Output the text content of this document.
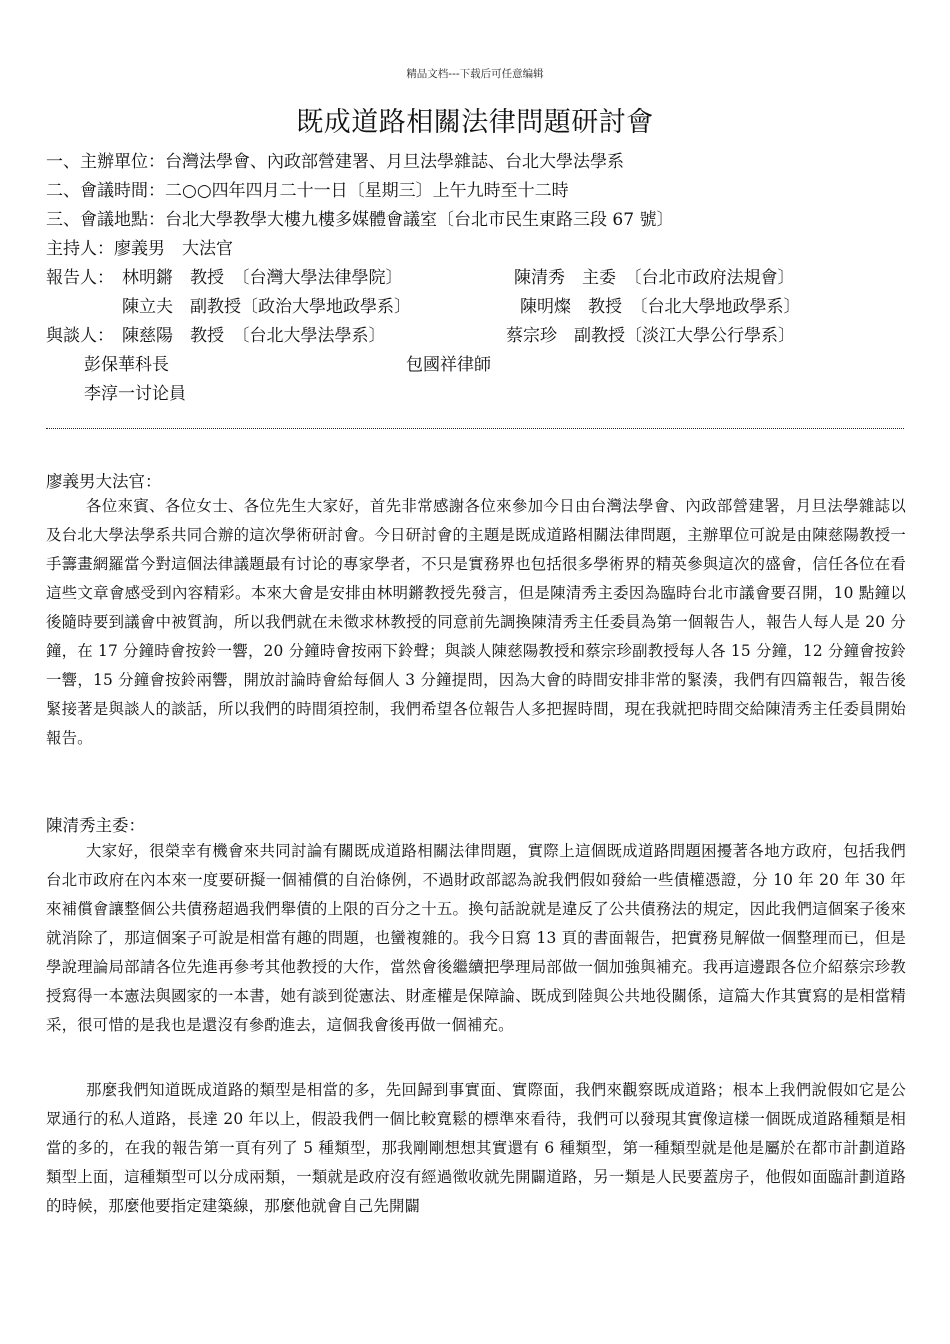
精品文档---下载后可任意编辑
既成道路相關法律問題研討會
一、主辦單位：台灣法學會、內政部營建署、月旦法學雜誌、台北大學法學系
二、會議時間：二○○四年四月二十一日〔星期三〕上午九時至十二時
三、會議地點：台北大學教學大樓九樓多媒體會議室〔台北市民生東路三段 67 號〕
主持人：廖義男　大法官
報告人： 林明鏘　教授　〔台灣大學法律學院〕	陳清秀　主委　〔台北市政府法規會〕
陳立夫　副教授〔政治大學地政學系〕	陳明燦　教授　〔台北大學地政學系〕
與談人： 陳慈陽　教授　〔台北大學法學系〕	蔡宗珍　副教授〔淡江大學公行學系〕
彭保華科長	包國祥律師
李淳一讨论員
廖義男大法官：
各位來賓、各位女士、各位先生大家好，首先非常感謝各位來參加今日由台灣法學會、內政部營建署，月旦法學雜誌以及台北大學法學系共同合辦的這次學術研討會。今日研討會的主題是既成道路相關法律問題，主辦單位可說是由陳慈陽教授一手籌畫網羅當今對這個法律議題最有讨论的專家學者，不只是實務界也包括很多學術界的精英參與這次的盛會，信任各位在看這些文章會感受到內容精彩。本來大會是安排由林明鏘教授先發言，但是陳清秀主委因為臨時台北市議會要召開，10 點鐘以後隨時要到議會中被質詢，所以我們就在未徵求林教授的同意前先調換陳清秀主任委員為第一個報告人，報告人每人是 20 分鐘，在 17 分鐘時會按鈴一響，20 分鐘時會按兩下鈴聲；與談人陳慈陽教授和蔡宗珍副教授每人各 15 分鐘，12 分鐘會按鈴一響，15 分鐘會按鈴兩響，開放討論時會給每個人 3 分鐘提問，因為大會的時間安排非常的緊湊，我們有四篇報告，報告後緊接著是與談人的談話，所以我們的時間須控制，我們希望各位報告人多把握時間，現在我就把時間交給陳清秀主任委員開始報告。
陳清秀主委：
大家好，很榮幸有機會來共同討論有關既成道路相關法律問題，實際上這個既成道路問題困擾著各地方政府，包括我們台北市政府在內本來一度要研擬一個補償的自治條例，不過財政部認為說我們假如發給一些債權憑證，分 10 年 20 年 30 年來補償會讓整個公共債務超過我們舉債的上限的百分之十五。換句話說就是違反了公共債務法的規定，因此我們這個案子後來就消除了，那這個案子可說是相當有趣的問題，也蠻複雜的。我今日寫 13 頁的書面報告，把實務見解做一個整理而已，但是學說理論局部請各位先進再參考其他教授的大作，當然會後繼續把學理局部做一個加強與補充。我再這邊跟各位介紹蔡宗珍教授寫得一本憲法與國家的一本書，她有談到從憲法、財產權是保障論、既成到陸與公共地役關係，這篇大作其實寫的是相當精采，很可惜的是我也是還沒有參酌進去，這個我會後再做一個補充。
那麼我們知道既成道路的類型是相當的多，先回歸到事實面、實際面，我們來觀察既成道路；根本上我們說假如它是公眾通行的私人道路，長達 20 年以上，假設我們一個比較寬鬆的標準來看待，我們可以發現其實像這樣一個既成道路種類是相當的多的，在我的報告第一頁有列了 5 種類型，那我剛剛想想其實還有 6 種類型，第一種類型就是他是屬於在都市計劃道路類型上面，這種類型可以分成兩類，一類就是政府沒有經過徵收就先開闢道路，另一類是人民要蓋房子，他假如面臨計劃道路的時候，那麼他要指定建築線，那麼他就會自己先開闢
